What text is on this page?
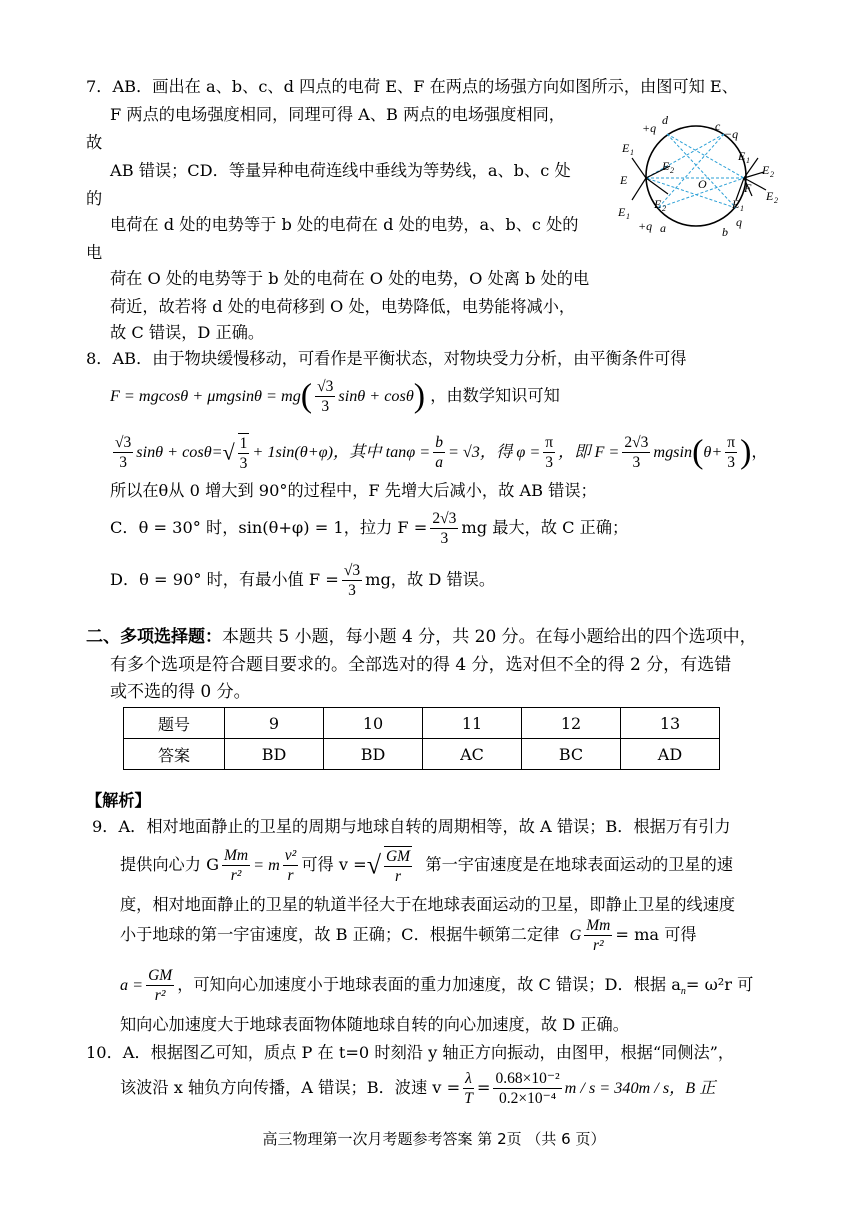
7．AB．画出在 a、b、c、d 四点的电荷 E、F 在两点的场强方向如图所示，由图可知 E、
F 两点的电场强度相同，同理可得 A、B 两点的电场强度相同，
故
AB 错误；CD．等量异种电荷连线中垂线为等势线，a、b、c 处
的
电荷在 d 处的电势等于 b 处的电荷在 d 处的电势，a、b、c 处的
电
荷在 O 处的电势等于 b 处的电荷在 O 处的电势，O 处离 b 处的电
荷近，故若将 d 处的电荷移到 O 处，电势降低，电势能将减小，
故 C 错误，D 正确。
+q
d	c
−q
E 1
E 2
O
E
E 2
E 1
E 1
E 2
F
E 2
E 1
+q a	b
q
8．AB．由于物块缓慢移动，可看作是平衡状态，对物块受力分析，由平衡条件可得
$F = mgcos\theta + \mu mgsin\theta = mg( \frac{√3}{3}$ sinθ + cosθ) ，由数学知识可知
$\frac{√3}{3}$ $\sin\theta + \cos\theta=√ \frac{1}{3} + 1\sin(\theta+\varphi)$，其中 $\tan\varphi = \frac{b}{a} = √3$，得 $\varphi = \frac{\pi}{3}$ ，即 $F = \frac{2√3}{3} mgsin(\theta+ \frac{\pi}{3}$ )，
所以在θ从 0 增大到 90°的过程中，F 先增大后减小，故 AB 错误；
C．θ = 30° 时，sin(θ+φ) = 1，拉力 $F = \frac{2√3}{3}$ mg 最大，故 C 正确；
D．θ = 90° 时，有最小值 $F = \frac{√3}{3}$ mg，故 D 错误。
二、多项选择题：本题共 5 小题，每小题 4 分，共 20 分。在每小题给出的四个选项中，
有多个选项是符合题目要求的。全部选对的得 4 分，选对但不全的得 2 分，有选错
或不选的得 0 分。
题号	9	10	11	12	13
答案	BD	BD	AC	BC	AD
【解析】
9．A．相对地面静止的卫星的周期与地球自转的周期相等，故 A 错误；B．根据万有引力
提供向心力 G $\frac{Mm}{\text{r²}} = m \frac{\text{v²}}{r}$ 可得 v =√ $\frac{GM}{r}$ 第一宇宙速度是在地球表面运动的卫星的速
度，相对地面静止的卫星的轨道半径大于在地球表面运动的卫星，即静止卫星的线速度
小于地球的第一宇宙速度，故 B 正确；C．根据牛顿第二定律 G $\frac{Mm}{\text{r²}}$ = ma 可得
$a = \frac{GM}{\text{r²}}$ ，可知向心加速度小于地球表面的重力加速度，故 C 错误；D．根据 $a_n= \omega^2r$ 可
知向心加速度大于地球表面物体随地球自转的向心加速度，故 D 正确。
10．A．根据图乙可知，质点 P 在 t=0 时刻沿 y 轴正方向振动，由图甲，根据“同侧法”，
该波沿 x 轴负方向传播，A 错误；B．波速 $v = \frac{\lambda}{T} = \frac{\text{0.68×10⁻²}}{\text{0.2×10⁻⁴}}$ m / s = 340m / s，B 正
高三物理第一次月考题参考答案 第 2页 （共 6 页）
